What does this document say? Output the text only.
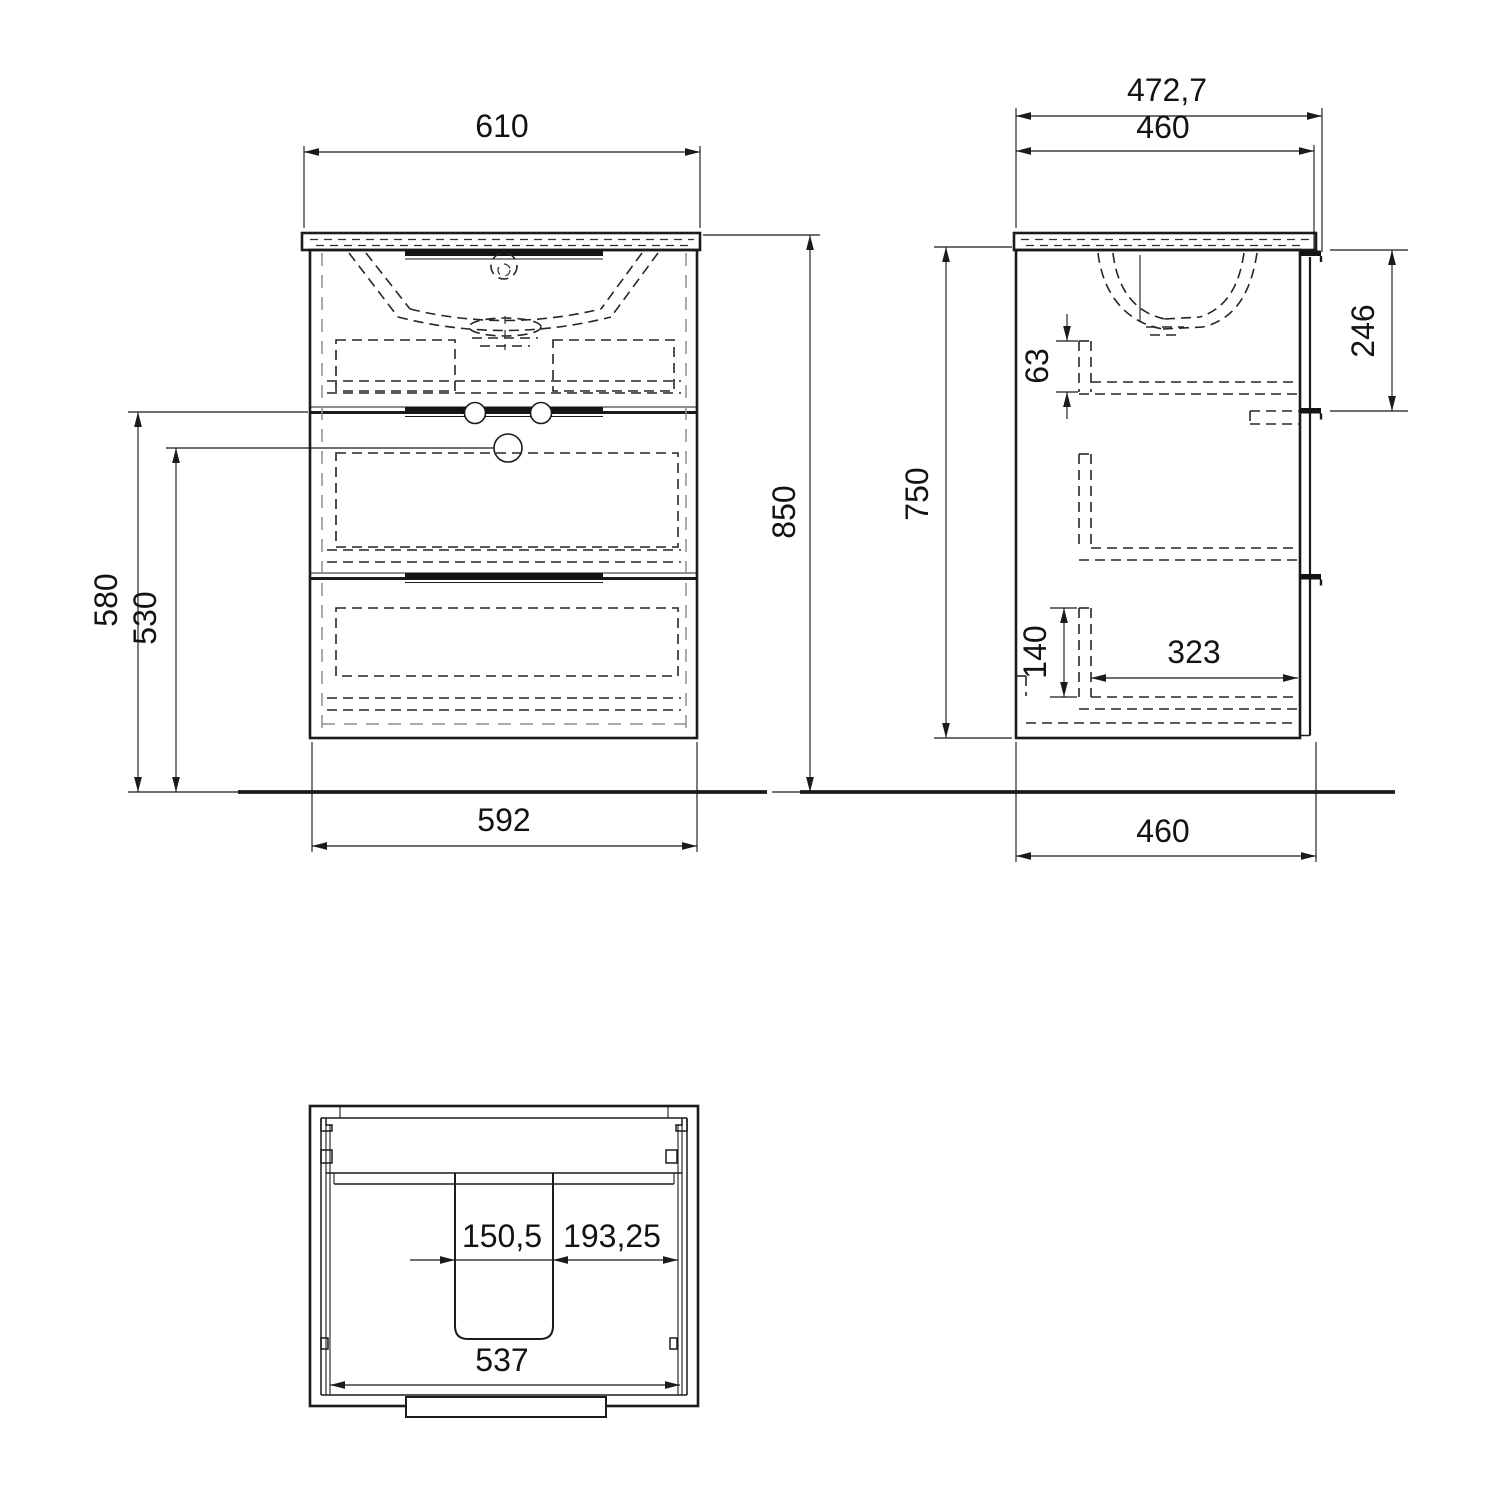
610
850
580 530
592
472,7
460
246
63
750
140	323
460
150,5 193,25
537
